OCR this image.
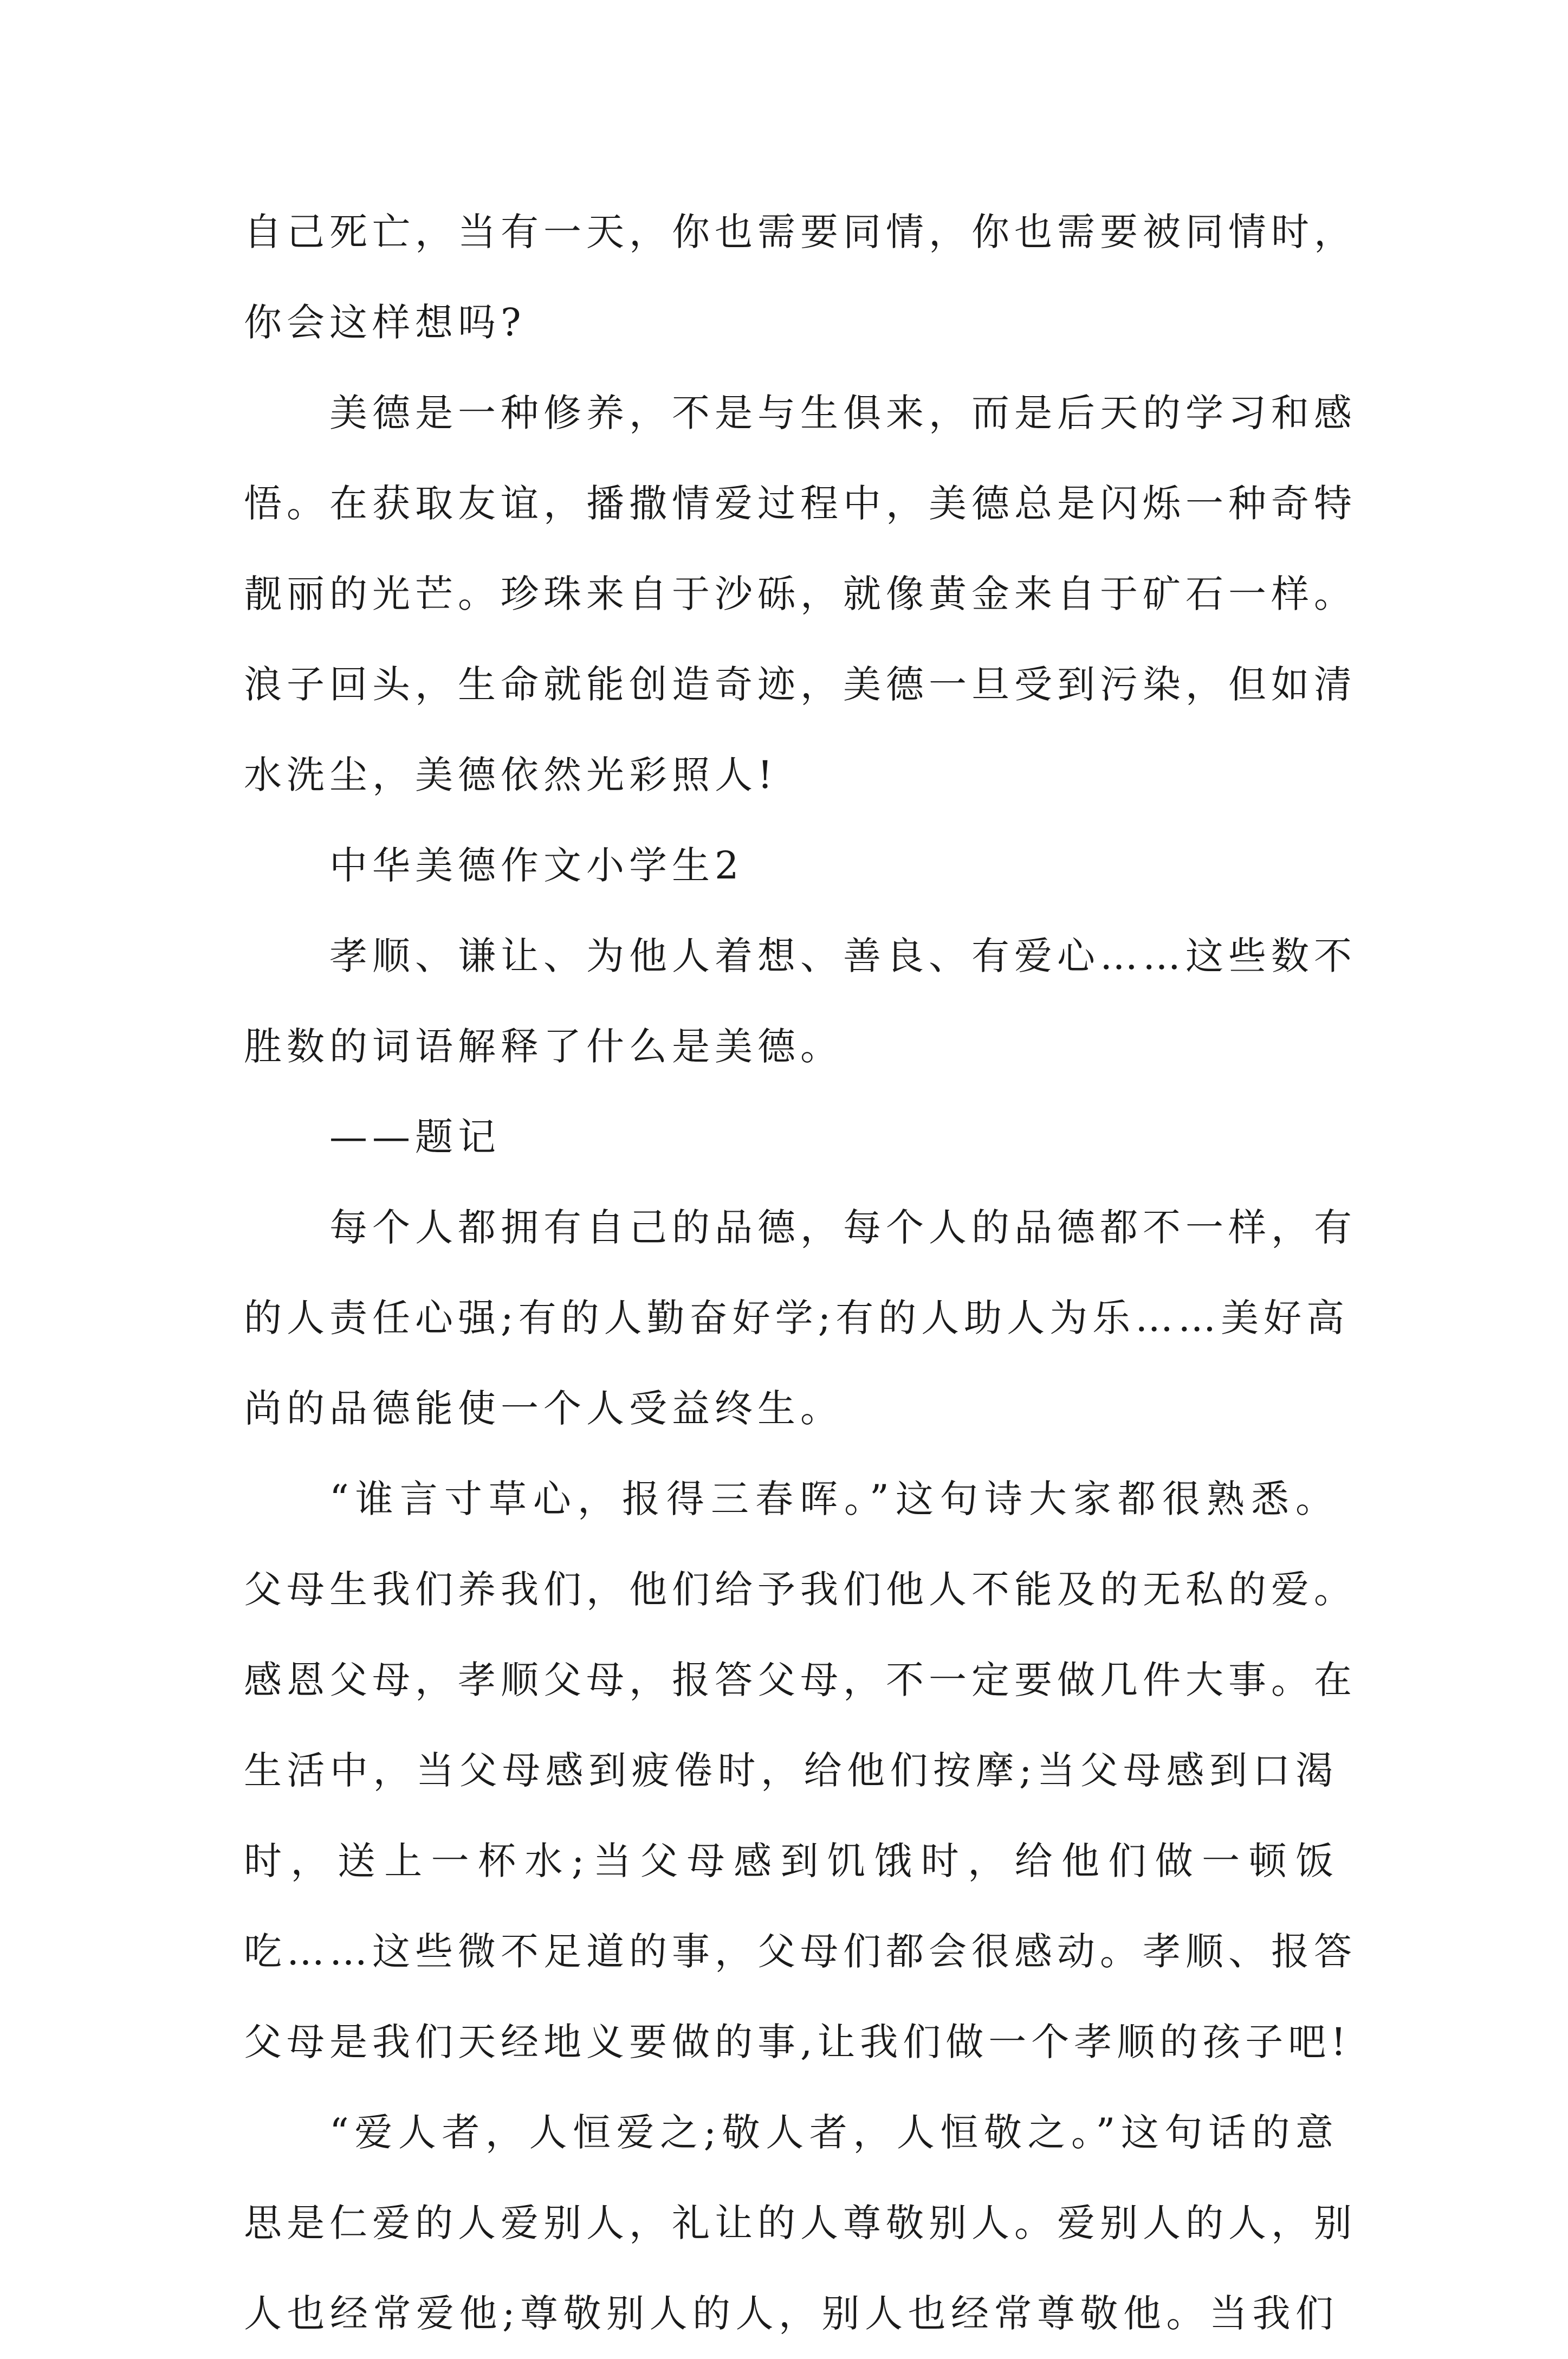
自己死亡，当有一天，你也需要同情，你也需要被同情时，
你会这样想吗?
美德是一种修养，不是与生俱来，而是后天的学习和感
悟。在获取友谊，播撒情爱过程中，美德总是闪烁一种奇特
靓丽的光芒。珍珠来自于沙砾，就像黄金来自于矿石一样。
浪子回头，生命就能创造奇迹，美德一旦受到污染，但如清
水洗尘，美德依然光彩照人!
中华美德作文小学生2
孝顺、谦让、为他人着想、善良、有爱心……这些数不
胜数的词语解释了什么是美德。
——题记
每个人都拥有自己的品德，每个人的品德都不一样，有
的人责任心强;有的人勤奋好学;有的人助人为乐……美好高
尚的品德能使一个人受益终生。
“谁言寸草心，报得三春晖。”这句诗大家都很熟悉。
父母生我们养我们，他们给予我们他人不能及的无私的爱。
感恩父母，孝顺父母，报答父母，不一定要做几件大事。在
生活中，当父母感到疲倦时，给他们按摩;当父母感到口渴
时，送上一杯水;当父母感到饥饿时，给他们做一顿饭
吃……这些微不足道的事，父母们都会很感动。孝顺、报答
父母是我们天经地义要做的事,让我们做一个孝顺的孩子吧!
“爱人者，人恒爱之;敬人者，人恒敬之。”这句话的意
思是仁爱的人爱别人，礼让的人尊敬别人。爱别人的人，别
人也经常爱他;尊敬别人的人，别人也经常尊敬他。当我们
